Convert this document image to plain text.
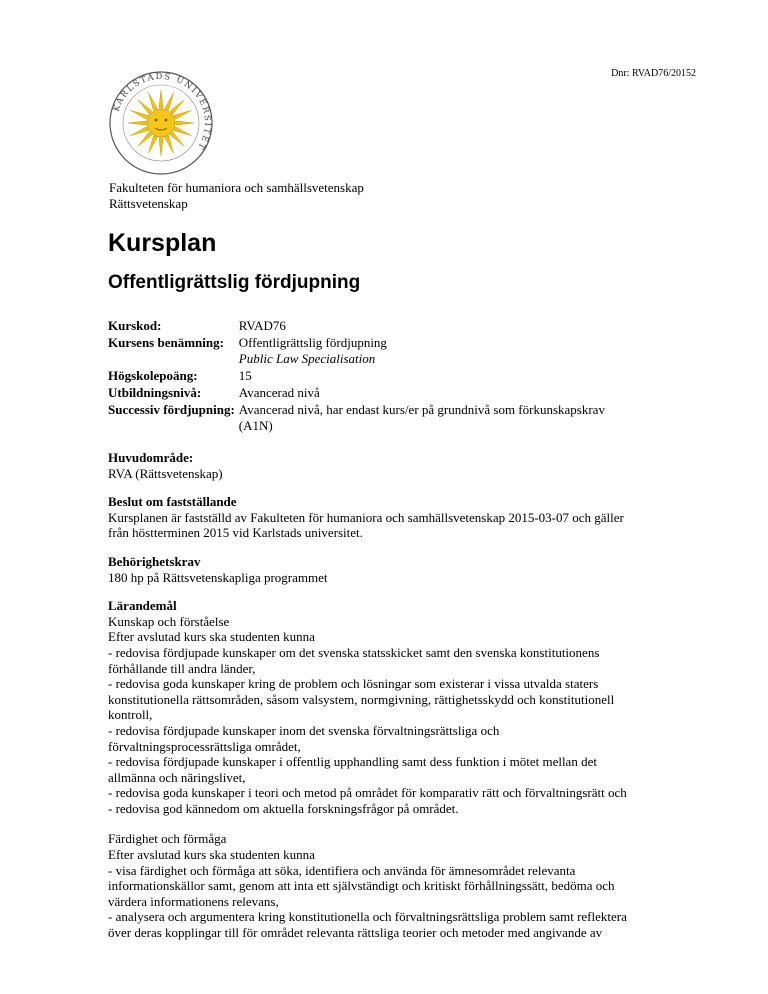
Dnr: RVAD76/20152
KARLSTADS UNIVERSITET
Fakulteten för humaniora och samhällsvetenskap
Rättsvetenskap
Kursplan
Offentligrättslig fördjupning
Kurskod:	RVAD76
Kursens benämning:	Offentligrättslig fördjupning
Public Law Specialisation

Högskolepoäng:	15
Utbildningsnivå:	Avancerad nivå
Successiv fördjupning:	Avancerad nivå, har endast kurs/er på grundnivå som förkunskapskrav
(A1N)
Huvudområde:
RVA (Rättsvetenskap)
Beslut om fastställande
Kursplanen är fastställd av Fakulteten för humaniora och samhällsvetenskap 2015-03-07 och gäller
från höstterminen 2015 vid Karlstads universitet.
Behörighetskrav
180 hp på Rättsvetenskapliga programmet
Lärandemål
Kunskap och förståelse
Efter avslutad kurs ska studenten kunna
- redovisa fördjupade kunskaper om det svenska statsskicket samt den svenska konstitutionens
förhållande till andra länder,
- redovisa goda kunskaper kring de problem och lösningar som existerar i vissa utvalda staters
konstitutionella rättsområden, såsom valsystem, normgivning, rättighetsskydd och konstitutionell
kontroll,
- redovisa fördjupade kunskaper inom det svenska förvaltningsrättsliga och
förvaltningsprocessrättsliga området,
- redovisa fördjupade kunskaper i offentlig upphandling samt dess funktion i mötet mellan det
allmänna och näringslivet,
- redovisa goda kunskaper i teori och metod på området för komparativ rätt och förvaltningsrätt och
- redovisa god kännedom om aktuella forskningsfrågor på området.
Färdighet och förmåga
Efter avslutad kurs ska studenten kunna
- visa färdighet och förmåga att söka, identifiera och använda för ämnesområdet relevanta
informationskällor samt, genom att inta ett självständigt och kritiskt förhållningssätt, bedöma och
värdera informationens relevans,
- analysera och argumentera kring konstitutionella och förvaltningsrättsliga problem samt reflektera
över deras kopplingar till för området relevanta rättsliga teorier och metoder med angivande av
